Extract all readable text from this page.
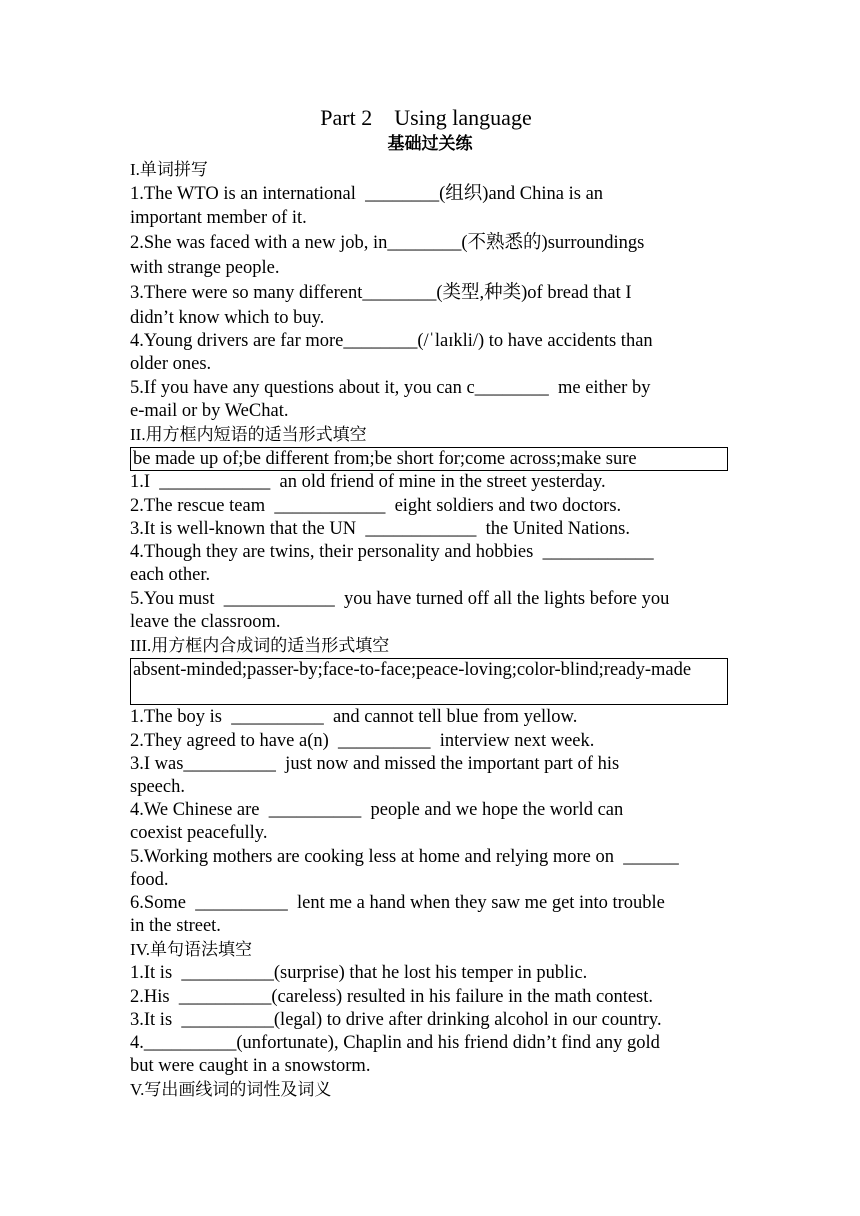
Part 2    Using language
基础过关练
I.单词拼写
1.The WTO is an international  ________(组织)and China is an
important member of it.
2.She was faced with a new job, in________(不熟悉的)surroundings
with strange people.
3.There were so many different________(类型,种类)of bread that I
didn’t know which to buy.
4.Young drivers are far more________(/ˈlaɪkli/) to have accidents than
older ones.
5.If you have any questions about it, you can c________  me either by
e-mail or by WeChat.
II.用方框内短语的适当形式填空
be made up of;be different from;be short for;come across;make sure
1.I  ____________  an old friend of mine in the street yesterday.
2.The rescue team  ____________  eight soldiers and two doctors.
3.It is well-known that the UN  ____________  the United Nations.
4.Though they are twins, their personality and hobbies  ____________
each other.
5.You must  ____________  you have turned off all the lights before you
leave the classroom.
III.用方框内合成词的适当形式填空
absent-minded;passer-by;face-to-face;peace-loving;color-blind;ready-made
1.The boy is  __________  and cannot tell blue from yellow.
2.They agreed to have a(n)  __________  interview next week.
3.I was__________  just now and missed the important part of his
speech.
4.We Chinese are  __________  people and we hope the world can
coexist peacefully.
5.Working mothers are cooking less at home and relying more on  ______
food.
6.Some  __________  lent me a hand when they saw me get into trouble
in the street.
IV.单句语法填空
1.It is  __________(surprise) that he lost his temper in public.
2.His  __________(careless) resulted in his failure in the math contest.
3.It is  __________(legal) to drive after drinking alcohol in our country.
4.__________(unfortunate), Chaplin and his friend didn’t find any gold
but were caught in a snowstorm.
V.写出画线词的词性及词义
